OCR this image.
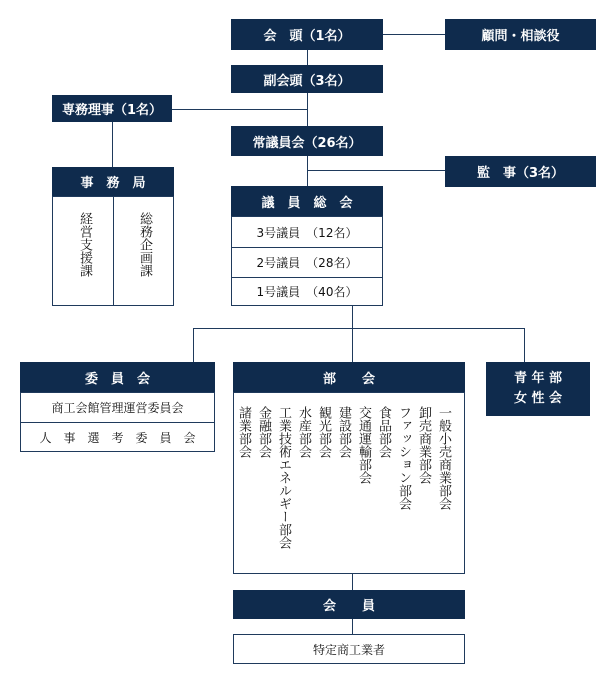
会　頭（1名）	顧問・相談役
副会頭（3名）
専務理事（1名）
常議員会（26名）
監　事（3名）
事　務　局
経営支援課	総務企画課
議　員　総　会
3号議員　（12名）
2号議員　（28名）
1号議員　（40名）
委　員　会
商工会館管理運営委員会
人　事　選　考　委　員　会
部　　会
一般小売商業部会
卸売商業部会
ファッション部会
食品部会
交通運輸部会
建設部会
観光部会
水産部会
工業技術エネルギー部会
金融部会
諸業部会
青 年 部
女 性 会
会　　員
特定商工業者
